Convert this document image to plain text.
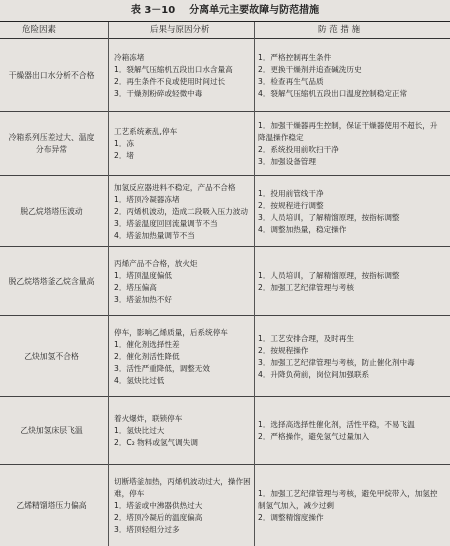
表 3－10    分离单元主要故障与防范措施
危险因素	后果与原因分析	防 范 措 施
干燥器出口水分析不合格
冷箱冻堵
1．裂解气压缩机五段出口水含量高
2．再生条件不良或使用时间过长
3．干燥剂粉碎或轻微中毒
1．严格控制再生条件
2．更换干燥剂并追查碱洗历史
3．检查再生气品质
4．裂解气压缩机五段出口温度控制稳定正常
冷箱系列压差过大、温度分布异常
工艺系统紊乱,停车
1．冻
2．堵
1．加强干燥器再生控制，保证干燥器使用不超长，升
降温操作稳定
2．系统投用前吹扫干净
3．加强设备管理
脱乙烷塔塔压波动
加氢反应器进料不稳定，产品不合格
1．塔顶冷凝器冻堵
2．丙烯机波动，造成二段吸入压力波动
3．塔釜温度回回流量调节不当
4．塔釜加热量调节不当
1．投用前管线干净
2．按规程进行调整
3．人员培训，了解精馏原理，按指标调整
4．调整加热量，稳定操作
脱乙烷塔塔釜乙烷含量高
丙烯产品不合格，放火炬
1．塔顶温度偏低
2．塔压偏高
3．塔釜加热不好
1．人员培训，了解精馏原理，按指标调整
2．加强工艺纪律管理与考核
乙炔加氢不合格
停车，影响乙烯质量，后系统停车
1．催化剂选择性差
2．催化剂活性降低
3．活性严重降低，调整无效
4．氢炔比过低
1．工艺安排合理，及时再生
2．按规程操作
3．加强工艺纪律管理与考核，防止催化剂中毒
4．升降负荷前，岗位间加强联系
乙炔加氢床层飞温
着火爆炸，联锁停车
1．氢炔比过大
2．C₂ 物料或氢气调失调
1．选择高选择性催化剂，活性平稳，不易飞温
2．严格操作，避免氢气过量加入
乙烯精馏塔压力偏高
切断塔釜加热，丙烯机波动过大，操作困
难，停车
1．塔釜或中沸器供热过大
2．塔顶冷凝后的温度偏高
3．塔顶轻组分过多
1．加强工艺纪律管理与考核，避免甲烷带入，加氢控
制氢气加入，减少过剩
2．调整精馏度操作
